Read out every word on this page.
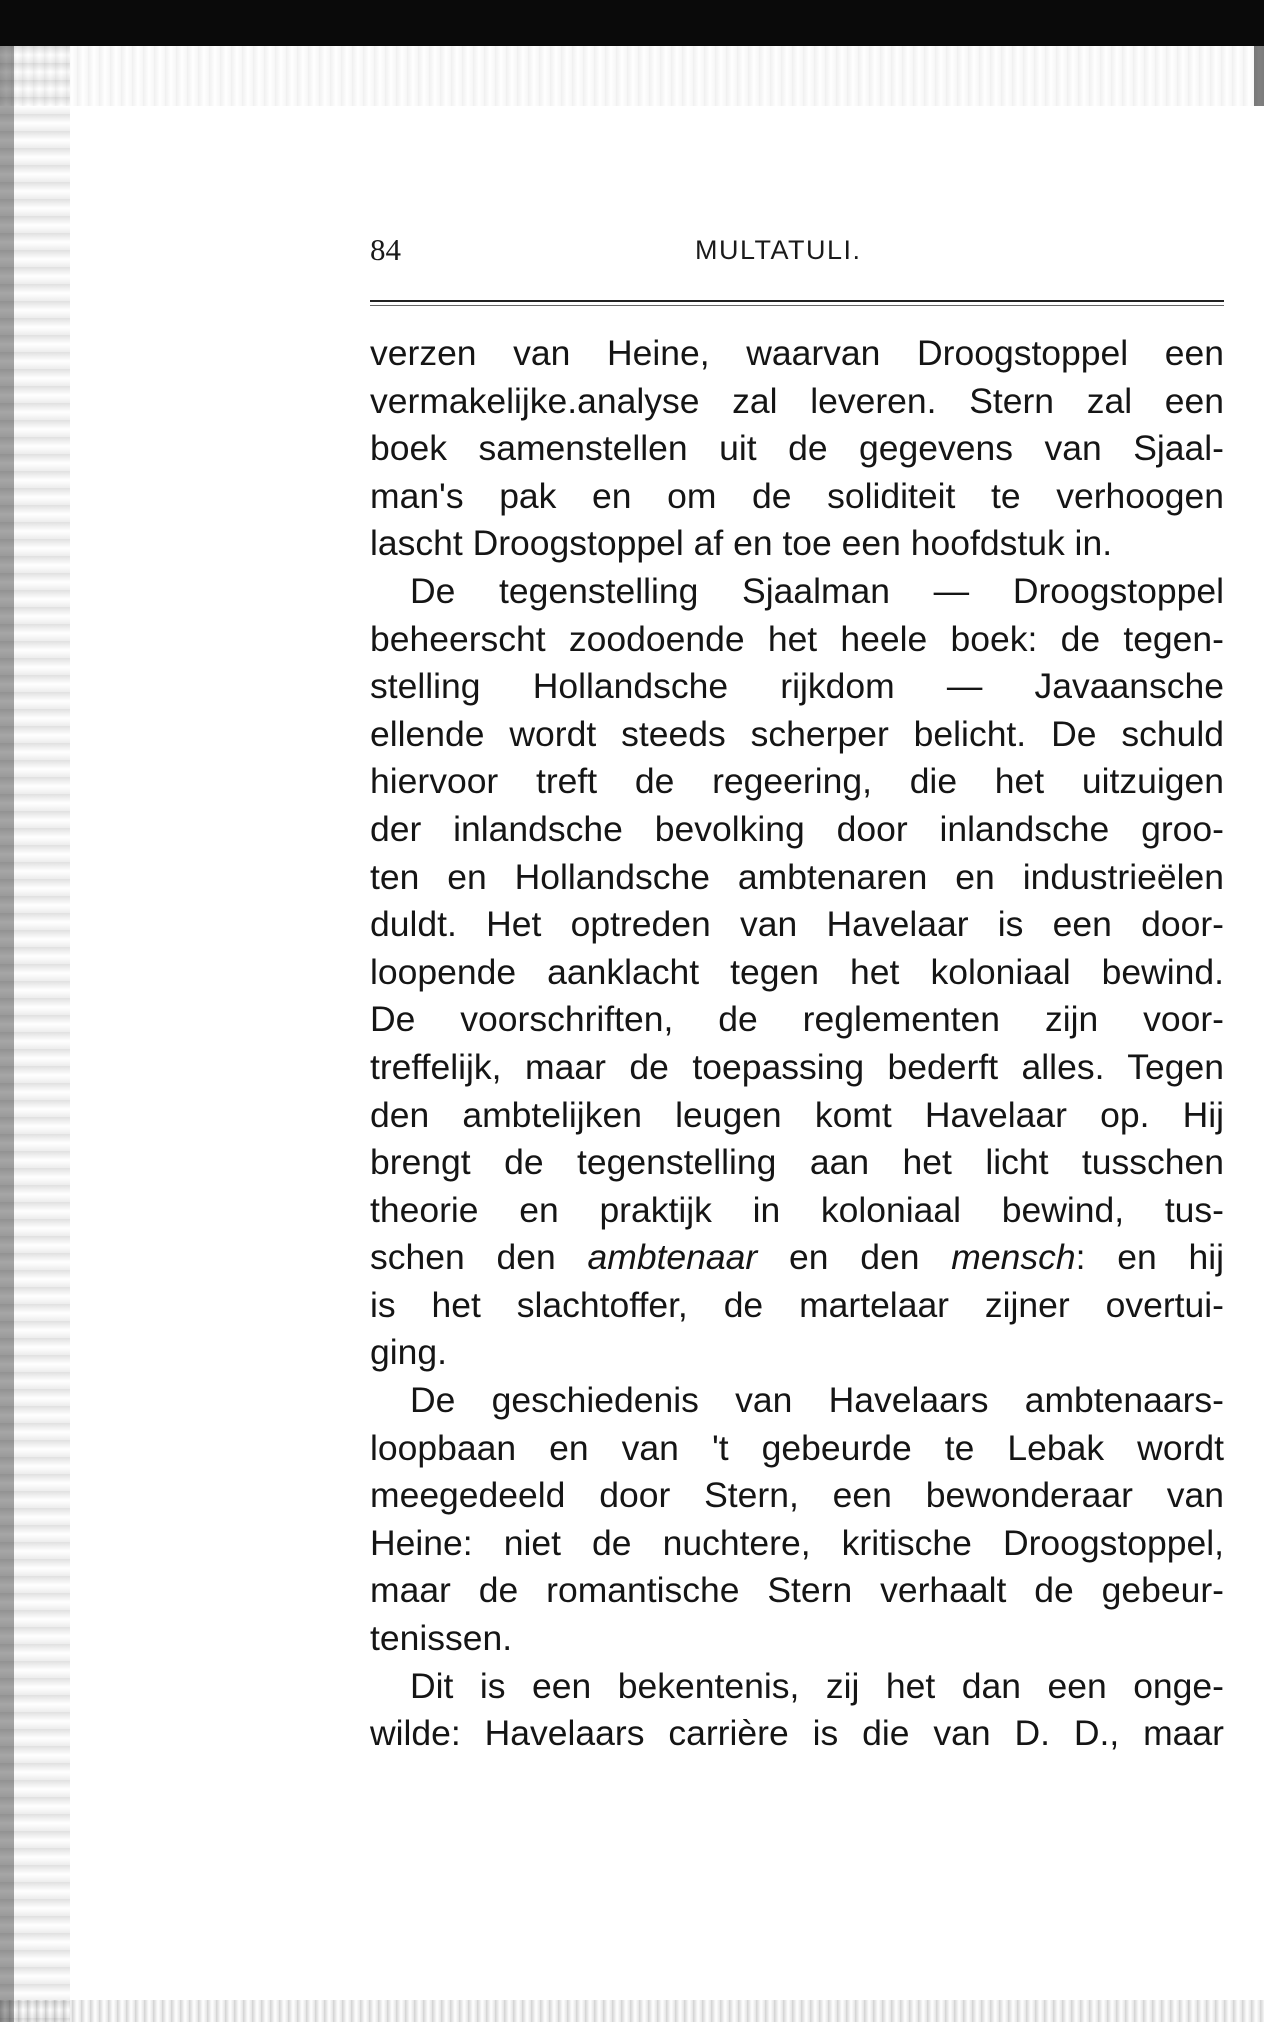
84	MULTATULI.
verzen van Heine, waarvan Droogstoppel een
vermakelijke.analyse zal leveren. Stern zal een
boek samenstellen uit de gegevens van Sjaal-
man's pak en om de soliditeit te verhoogen
lascht Droogstoppel af en toe een hoofdstuk in.
De tegenstelling Sjaalman — Droogstoppel
beheerscht zoodoende het heele boek: de tegen-
stelling Hollandsche rijkdom — Javaansche
ellende wordt steeds scherper belicht. De schuld
hiervoor treft de regeering, die het uitzuigen
der inlandsche bevolking door inlandsche groo-
ten en Hollandsche ambtenaren en industrieëlen
duldt. Het optreden van Havelaar is een door-
loopende aanklacht tegen het koloniaal bewind.
De voorschriften, de reglementen zijn voor-
treffelijk, maar de toepassing bederft alles. Tegen
den ambtelijken leugen komt Havelaar op. Hij
brengt de tegenstelling aan het licht tusschen
theorie en praktijk in koloniaal bewind, tus-
schen den ambtenaar en den mensch: en hij
is het slachtoffer, de martelaar zijner overtui-
ging.
De geschiedenis van Havelaars ambtenaars-
loopbaan en van 't gebeurde te Lebak wordt
meegedeeld door Stern, een bewonderaar van
Heine: niet de nuchtere, kritische Droogstoppel,
maar de romantische Stern verhaalt de gebeur-
tenissen.
Dit is een bekentenis, zij het dan een onge-
wilde: Havelaars carrière is die van D. D., maar
